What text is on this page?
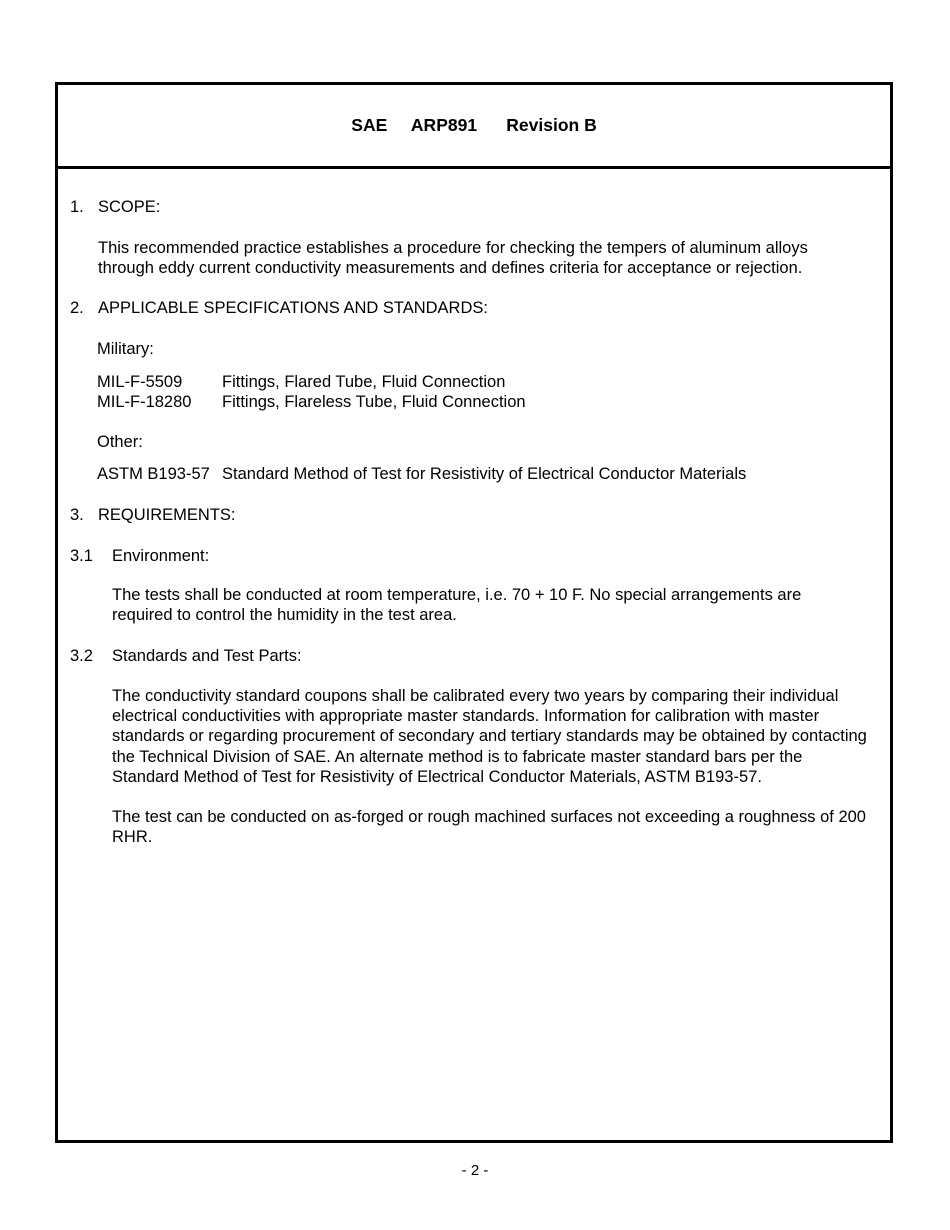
SAE ARP891 Revision B
1. SCOPE:
This recommended practice establishes a procedure for checking the tempers of aluminum alloys through eddy current conductivity measurements and defines criteria for acceptance or rejection.
2. APPLICABLE SPECIFICATIONS AND STANDARDS:
Military:
MIL-F-5509 Fittings, Flared Tube, Fluid Connection
MIL-F-18280 Fittings, Flareless Tube, Fluid Connection
Other:
ASTM B193-57 Standard Method of Test for Resistivity of Electrical Conductor Materials
3. REQUIREMENTS:
3.1 Environment:
The tests shall be conducted at room temperature, i.e. 70 + 10 F. No special arrangements are required to control the humidity in the test area.
3.2 Standards and Test Parts:
The conductivity standard coupons shall be calibrated every two years by comparing their individual electrical conductivities with appropriate master standards. Information for calibration with master standards or regarding procurement of secondary and tertiary standards may be obtained by contacting the Technical Division of SAE. An alternate method is to fabricate master standard bars per the Standard Method of Test for Resistivity of Electrical Conductor Materials, ASTM B193-57.
The test can be conducted on as-forged or rough machined surfaces not exceeding a roughness of 200 RHR.
- 2 -
